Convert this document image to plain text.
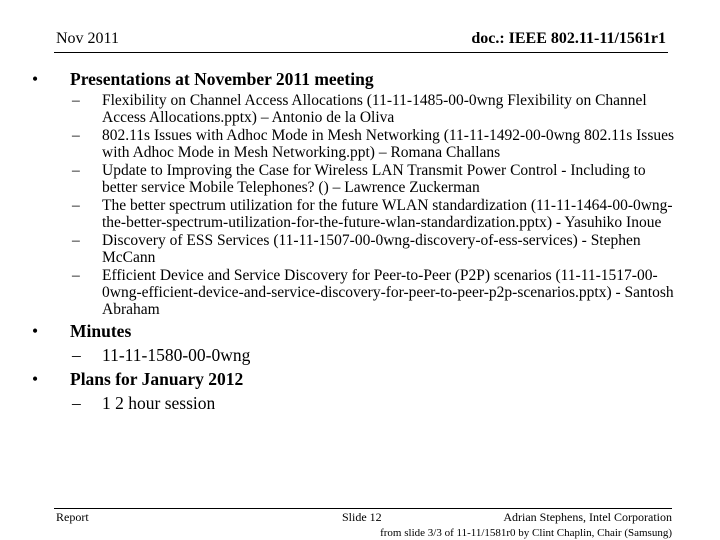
Nov 2011	doc.: IEEE 802.11-11/1561r1
• Presentations at November 2011 meeting
– Flexibility on Channel Access Allocations (11-11-1485-00-0wng Flexibility on Channel Access Allocations.pptx) – Antonio de la Oliva
– 802.11s Issues with Adhoc Mode in Mesh Networking (11-11-1492-00-0wng 802.11s Issues with Adhoc Mode in Mesh Networking.ppt) – Romana Challans
– Update to Improving the Case for Wireless LAN Transmit Power Control - Including to better service Mobile Telephones? () – Lawrence Zuckerman
– The better spectrum utilization for the future WLAN standardization (11-11-1464-00-0wng-the-better-spectrum-utilization-for-the-future-wlan-standardization.pptx) - Yasuhiko Inoue
– Discovery of ESS Services (11-11-1507-00-0wng-discovery-of-ess-services) - Stephen McCann
– Efficient Device and Service Discovery for Peer-to-Peer (P2P) scenarios (11-11-1517-00-0wng-efficient-device-and-service-discovery-for-peer-to-peer-p2p-scenarios.pptx) - Santosh Abraham
• Minutes
– 11-11-1580-00-0wng
• Plans for January 2012
– 1 2 hour session
Report	Slide 12	Adrian Stephens, Intel Corporation
from slide 3/3 of 11-11/1581r0 by Clint Chaplin, Chair (Samsung)
